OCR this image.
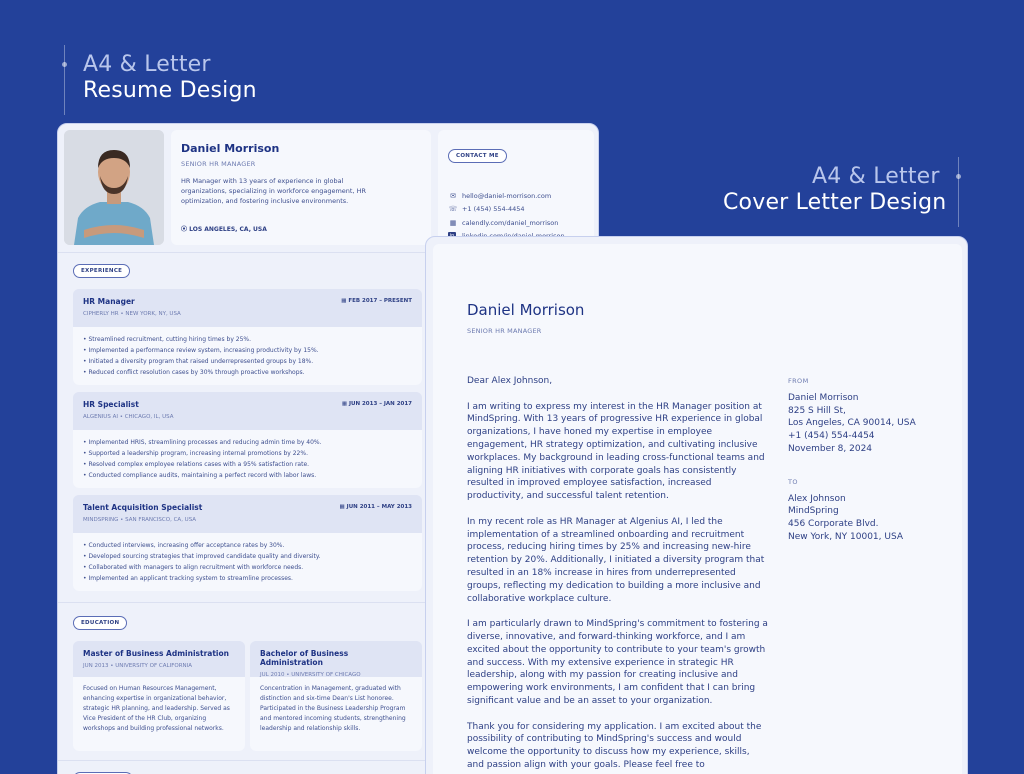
A4 & Letter
Resume Design
A4 & Letter
Cover Letter Design
Daniel Morrison
SENIOR HR MANAGER
HR Manager with 13 years of experience in global organizations, specializing in workforce engagement, HR optimization, and fostering inclusive environments.
⦿ LOS ANGELES, CA, USA
CONTACT ME
✉ hello@daniel-morrison.com
☏ +1 (454) 554-4454
▦ calendly.com/daniel_morrison
EXPERIENCE
HR Manager
CIPHERLY HR • NEW YORK, NY, USA
▦ FEB 2017 – PRESENT
• Streamlined recruitment, cutting hiring times by 25%.
• Implemented a performance review system, increasing productivity by 15%.
• Initiated a diversity program that raised underrepresented groups by 18%.
• Reduced conflict resolution cases by 30% through proactive workshops.
HR Specialist
ALGENIUS AI • CHICAGO, IL, USA
▦ JUN 2013 – JAN 2017
• Implemented HRIS, streamlining processes and reducing admin time by 40%.
• Supported a leadership program, increasing internal promotions by 22%.
• Resolved complex employee relations cases with a 95% satisfaction rate.
• Conducted compliance audits, maintaining a perfect record with labor laws.
Talent Acquisition Specialist
MINDSPRING • SAN FRANCISCO, CA, USA
▦ JUN 2011 – MAY 2013
• Conducted interviews, increasing offer acceptance rates by 30%.
• Developed sourcing strategies that improved candidate quality and diversity.
• Collaborated with managers to align recruitment with workforce needs.
• Implemented an applicant tracking system to streamline processes.
EDUCATION
Master of Business Administration
JUN 2013 • UNIVERSITY OF CALIFORNIA
Focused on Human Resources Management, enhancing expertise in organizational behavior, strategic HR planning, and leadership. Served as Vice President of the HR Club, organizing workshops and building professional networks.
Bachelor of Business Administration
JUL 2010 • UNIVERSITY OF CHICAGO
Concentration in Management, graduated with distinction and six-time Dean's List honoree. Participated in the Business Leadership Program and mentored incoming students, strengthening leadership and relationship skills.
Daniel Morrison
SENIOR HR MANAGER

Dear Alex Johnson,

I am writing to express my interest in the HR Manager position at MindSpring. With 13 years of progressive HR experience in global organizations, I have honed my expertise in employee engagement, HR strategy optimization, and cultivating inclusive workplaces. My background in leading cross-functional teams and aligning HR initiatives with corporate goals has consistently resulted in improved employee satisfaction, increased productivity, and successful talent retention.

In my recent role as HR Manager at Algenius AI, I led the implementation of a streamlined onboarding and recruitment process, reducing hiring times by 25% and increasing new-hire retention by 20%. Additionally, I initiated a diversity program that resulted in an 18% increase in hires from underrepresented groups, reflecting my dedication to building a more inclusive and collaborative workplace culture.

I am particularly drawn to MindSpring's commitment to fostering a diverse, innovative, and forward-thinking workforce, and I am excited about the opportunity to contribute to your team's growth and success. With my extensive experience in strategic HR leadership, along with my passion for creating inclusive and empowering work environments, I am confident that I can bring significant value and be an asset to your organization.

Thank you for considering my application. I am excited about the possibility of contributing to MindSpring's success and would welcome the opportunity to discuss how my experience, skills, and passion align with your goals. Please feel free to

FROM
Daniel Morrison
825 S Hill St,
Los Angeles, CA 90014, USA
+1 (454) 554-4454
November 8, 2024
TO
Alex Johnson
MindSpring
456 Corporate Blvd.
New York, NY 10001, USA
